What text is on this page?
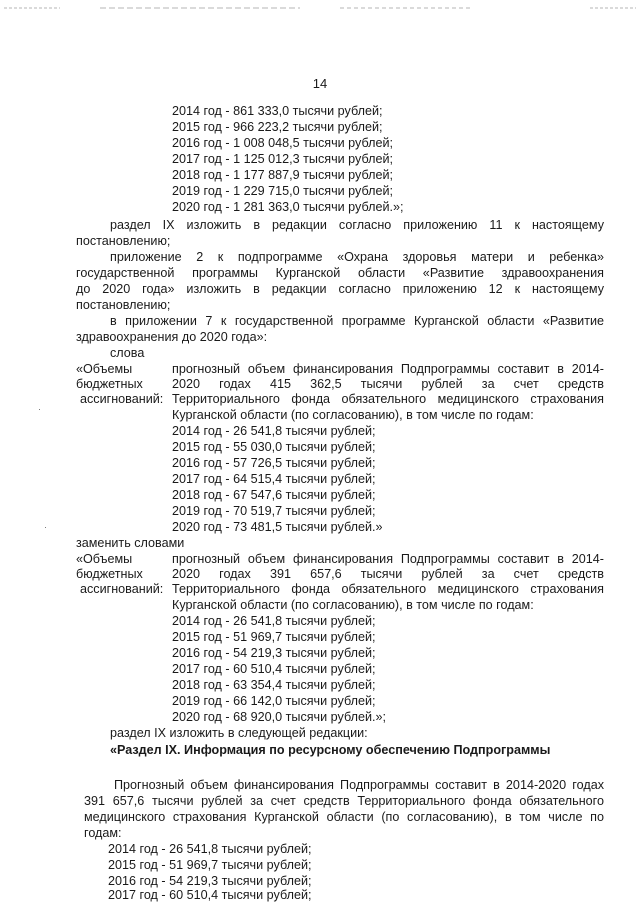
14
2014 год - 861 333,0 тысячи рублей;
2015 год - 966 223,2 тысячи рублей;
2016 год - 1 008 048,5 тысячи рублей;
2017 год - 1 125 012,3 тысячи рублей;
2018 год - 1 177 887,9 тысячи рублей;
2019 год - 1 229 715,0 тысячи рублей;
2020 год - 1 281 363,0 тысячи рублей.»;
раздел IX изложить в редакции согласно приложению 11 к настоящему
постановлению;
приложение 2 к подпрограмме «Охрана здоровья матери и ребенка»
государственной программы Курганской области «Развитие здравоохранения
до 2020 года» изложить в редакции согласно приложению 12 к настоящему
постановлению;
в приложении 7 к государственной программе Курганской области «Развитие
здравоохранения до 2020 года»:
слова
«Объемы
бюджетных
ассигнований:
прогнозный объем финансирования Подпрограммы составит в 2014-
2020 годах 415 362,5 тысячи рублей за счет средств
Территориального фонда обязательного медицинского страхования
Курганской области (по согласованию), в том числе по годам:
2014 год - 26 541,8 тысячи рублей;
2015 год - 55 030,0 тысячи рублей;
2016 год - 57 726,5 тысячи рублей;
2017 год - 64 515,4 тысячи рублей;
2018 год - 67 547,6 тысячи рублей;
2019 год - 70 519,7 тысячи рублей;
2020 год - 73 481,5 тысячи рублей.»
заменить словами
«Объемы
бюджетных
ассигнований:
прогнозный объем финансирования Подпрограммы составит в 2014-
2020 годах 391 657,6 тысячи рублей за счет средств
Территориального фонда обязательного медицинского страхования
Курганской области (по согласованию), в том числе по годам:
2014 год - 26 541,8 тысячи рублей;
2015 год - 51 969,7 тысячи рублей;
2016 год - 54 219,3 тысячи рублей;
2017 год - 60 510,4 тысячи рублей;
2018 год - 63 354,4 тысячи рублей;
2019 год - 66 142,0 тысячи рублей;
2020 год - 68 920,0 тысячи рублей.»;
раздел IX изложить в следующей редакции:
«Раздел IX. Информация по ресурсному обеспечению Подпрограммы
Прогнозный объем финансирования Подпрограммы составит в 2014-2020 годах
391 657,6 тысячи рублей за счет средств Территориального фонда обязательного
медицинского страхования Курганской области (по согласованию), в том числе по
годам:
2014 год - 26 541,8 тысячи рублей;
2015 год - 51 969,7 тысячи рублей;
2016 год - 54 219,3 тысячи рублей;
2017 год - 60 510,4 тысячи рублей;
·
·
